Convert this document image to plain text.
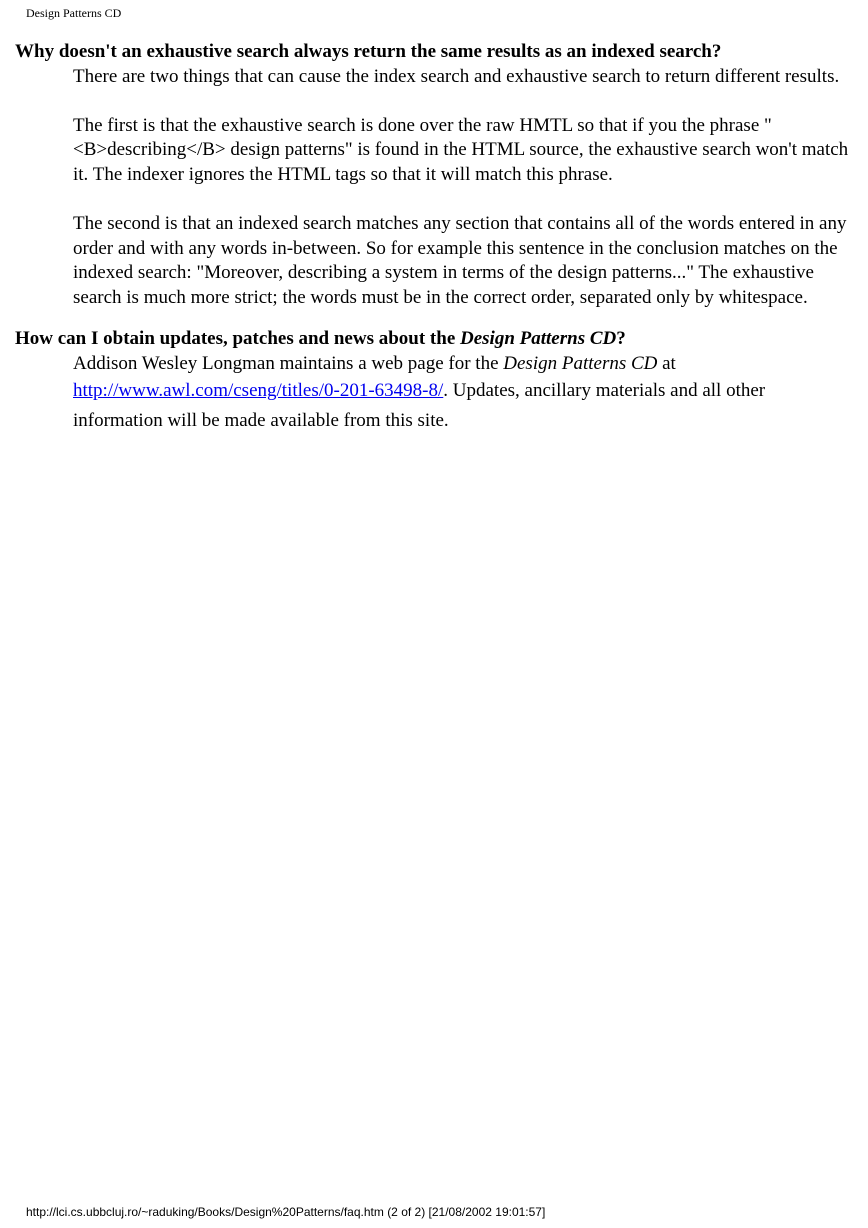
Design Patterns CD
Why doesn't an exhaustive search always return the same results as an indexed search?

There are two things that can cause the index search and exhaustive search to return different results.

The first is that the exhaustive search is done over the raw HMTL so that if you the phrase "<B>describing</B> design patterns" is found in the HTML source, the exhaustive search won't match it. The indexer ignores the HTML tags so that it will match this phrase.

The second is that an indexed search matches any section that contains all of the words entered in any order and with any words in-between. So for example this sentence in the conclusion matches on the indexed search: "Moreover, describing a system in terms of the design patterns..." The exhaustive search is much more strict; the words must be in the correct order, separated only by whitespace.

How can I obtain updates, patches and news about the Design Patterns CD?
Addison Wesley Longman maintains a web page for the Design Patterns CD at
http://www.awl.com/cseng/titles/0-201-63498-8/. Updates, ancillary materials and all other information will be made available from this site.
http://lci.cs.ubbcluj.ro/~raduking/Books/Design%20Patterns/faq.htm (2 of 2) [21/08/2002 19:01:57]
